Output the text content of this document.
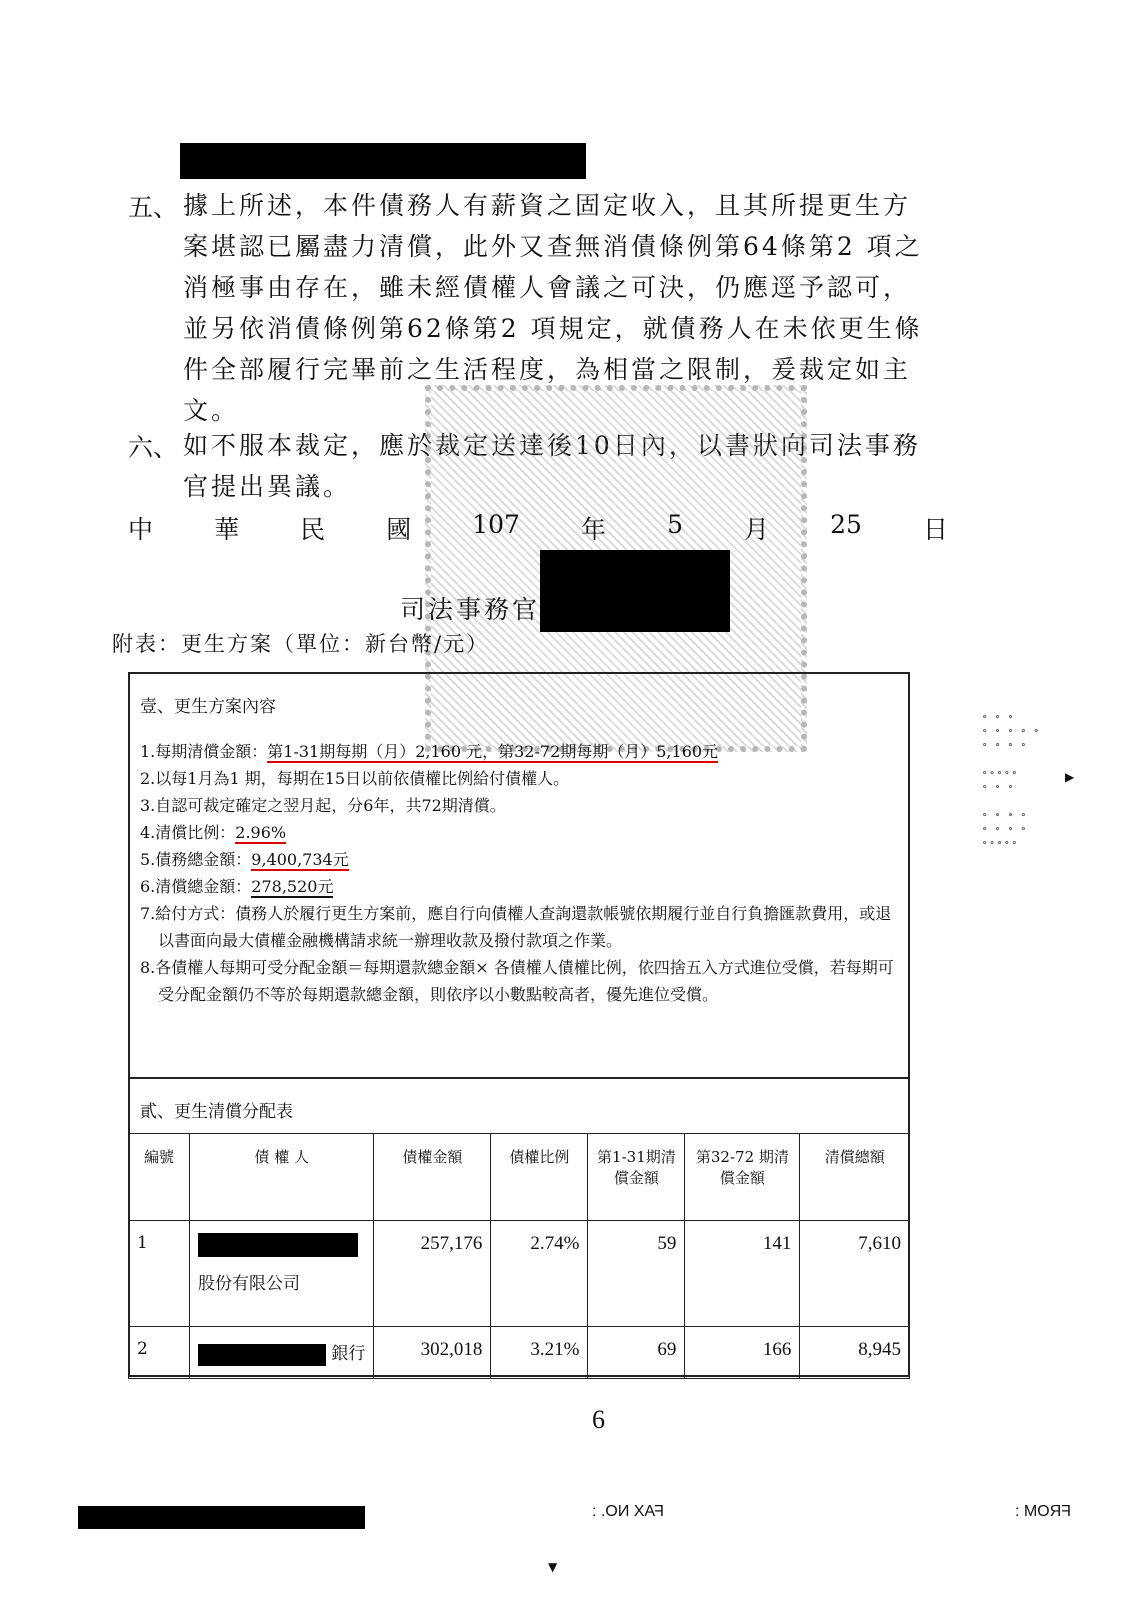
五、 據上所述，本件債務人有薪資之固定收入，且其所提更生方
案堪認已屬盡力清償，此外又查無消債條例第64條第2 項之
消極事由存在，雖未經債權人會議之可決，仍應逕予認可，
並另依消債條例第62條第2 項規定，就債務人在未依更生條
件全部履行完畢前之生活程度，為相當之限制，爰裁定如主
文。
六、 如不服本裁定，應於裁定送達後10日內，以書狀向司法事務
官提出異議。
中 華 民 國 107 年 5 月 25 日
司法事務官
附表：更生方案（單位：新台幣/元）
壹、更生方案內容
1.每期清償金額：第1-31期每期（月）2,160 元，第32-72期每期（月）5,160元
2.以每1月為1 期，每期在15日以前依債權比例給付債權人。
3.自認可裁定確定之翌月起，分6年，共72期清償。
4.清償比例：2.96%
5.債務總金額：9,400,734元
6.清償總金額：278,520元
7.給付方式：債務人於履行更生方案前，應自行向債權人查詢還款帳號依期履行並自行負擔匯款費用，或退以書面向最大債權金融機構請求統一辦理收款及撥付款項之作業。
8.各債權人每期可受分配金額＝每期還款總金額× 各債權人債權比例，依四捨五入方式進位受償，若每期可受分配金額仍不等於每期還款總金額，則依序以小數點較高者，優先進位受償。
貳、更生清償分配表
編號	債 權 人	債權金額	債權比例	第1-31期清償金額	第32-72 期清償金額	清償總額
1	股份有限公司	257,176	2.74%	59	141	7,610
2	銀行	302,018	3.21%	69	166	8,945
6
FAX NO. :	FROM :
▼
▶
∘ ∘ ∘
∘ ∘ ∘ ∘ ∘
∘ ∘ ∘ ∘

∘∘∘∘∘
∘ ∘ ∘

∘ ∘ ∘ ∘
∘ ∘ ∘ ∘
∘∘∘∘∘
